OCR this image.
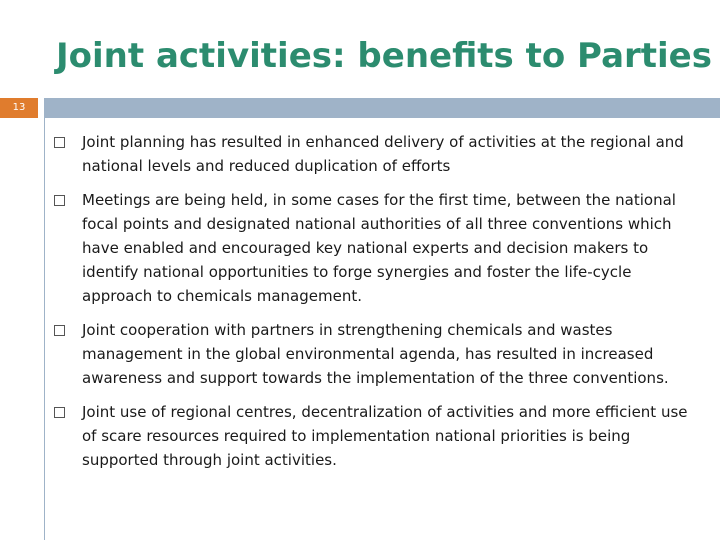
Joint activities: benefits to Parties
13
Joint planning has resulted in enhanced delivery of activities at the regional and national levels and reduced duplication of efforts
Meetings are being held, in some cases for the first time, between the national focal points and designated national authorities of all three conventions which have enabled and encouraged key national experts and decision makers to identify national opportunities to forge synergies and foster the life-cycle approach to chemicals management.
Joint cooperation with partners in strengthening chemicals and wastes management in the global environmental agenda, has resulted in increased awareness and support towards the implementation of the three conventions.
Joint use of regional centres, decentralization of activities and more efficient use of scare resources required to implementation national priorities is being supported through joint activities.
